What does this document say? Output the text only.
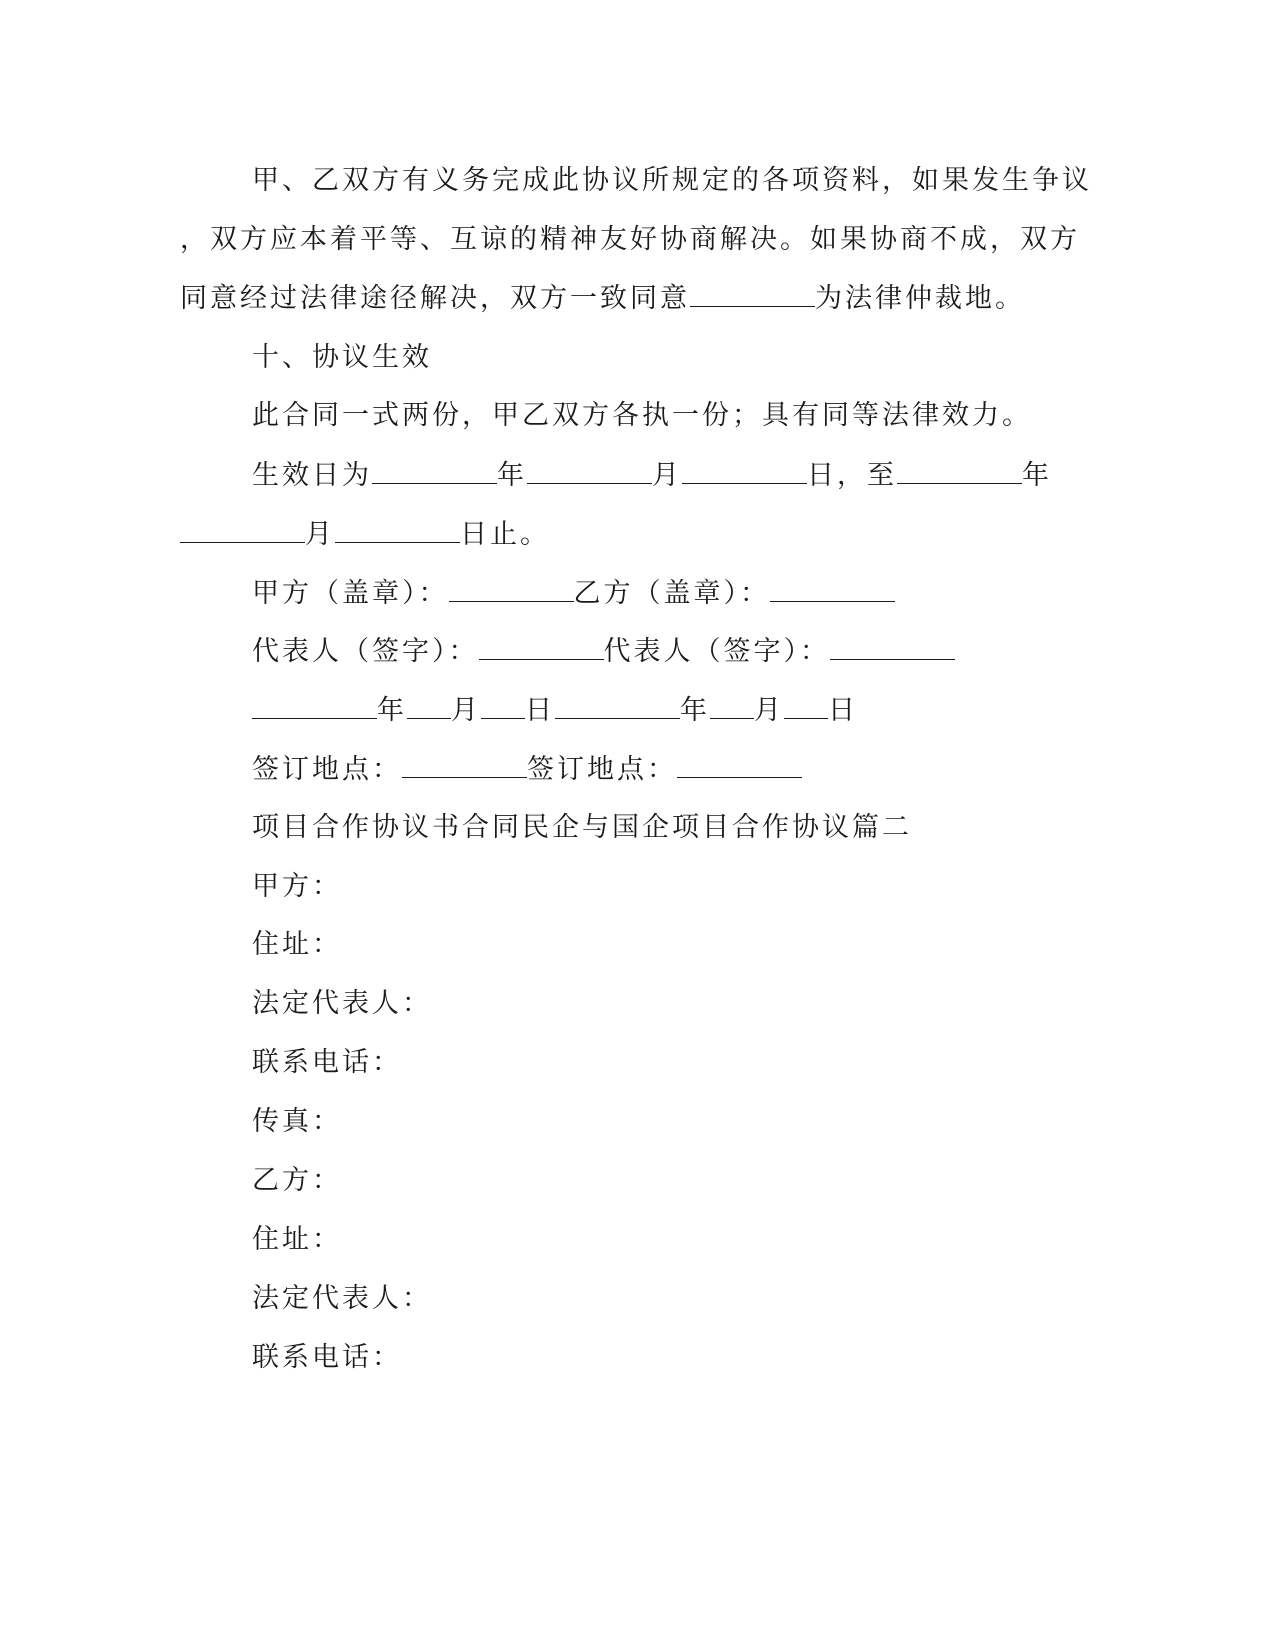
甲、乙双方有义务完成此协议所规定的各项资料，如果发生争议
，双方应本着平等、互谅的精神友好协商解决。如果协商不成，双方
同意经过法律途径解决，双方一致同意	为法律仲裁地。
十、协议生效
此合同一式两份，甲乙双方各执一份；具有同等法律效力。
生效日为	年	月	日，至	年
月	日止。
甲方（盖章）：	乙方（盖章）：
代表人（签字）：	代表人（签字）：
年 月 日	年 月 日
签订地点：	签订地点：
项目合作协议书合同民企与国企项目合作协议篇二
甲方：
住址：
法定代表人：
联系电话：
传真：
乙方：
住址：
法定代表人：
联系电话：
